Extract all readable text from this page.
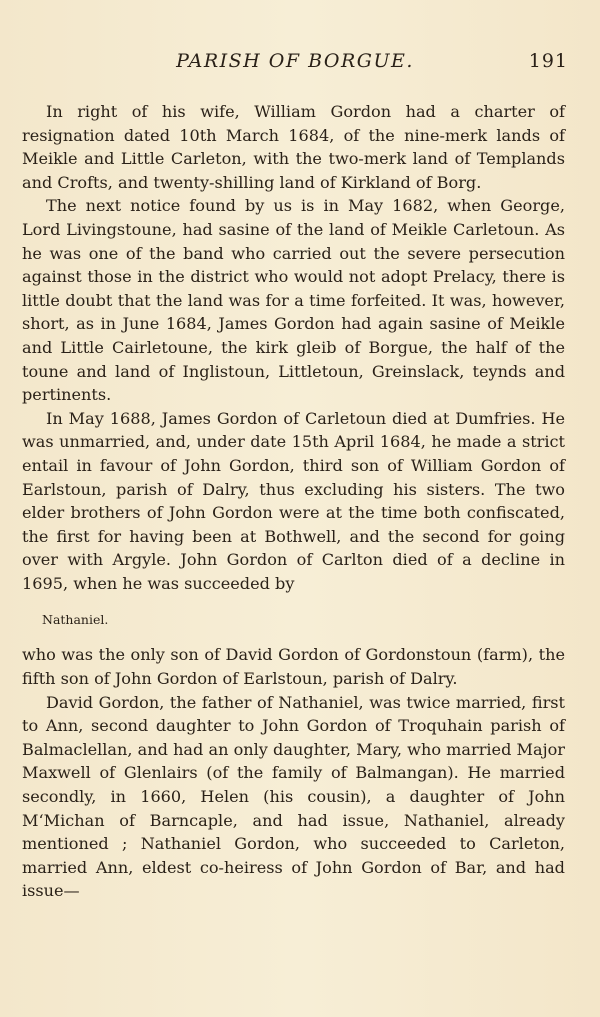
PARISH OF BORGUE.	191

In right of his wife, William Gordon had a charter of resignation dated 10th March 1684, of the nine-merk lands of Meikle and Little Carleton, with the two-merk land of Templands and Crofts, and twenty-shilling land of Kirkland of Borg.

The next notice found by us is in May 1682, when George, Lord Livingstoune, had sasine of the land of Meikle Carletoun. As he was one of the band who carried out the severe persecution against those in the district who would not adopt Prelacy, there is little doubt that the land was for a time forfeited. It was, however, short, as in June 1684, James Gordon had again sasine of Meikle and Little Cairletoune, the kirk gleib of Borgue, the half of the toune and land of Inglistoun, Littletoun, Greinslack, teynds and pertinents.

In May 1688, James Gordon of Carletoun died at Dumfries. He was unmarried, and, under date 15th April 1684, he made a strict entail in favour of John Gordon, third son of William Gordon of Earlstoun, parish of Dalry, thus excluding his sisters. The two elder brothers of John Gordon were at the time both confiscated, the first for having been at Bothwell, and the second for going over with Argyle. John Gordon of Carlton died of a decline in 1695, when he was succeeded by

Nathaniel.

who was the only son of David Gordon of Gordonstoun (farm), the fifth son of John Gordon of Earlstoun, parish of Dalry.

David Gordon, the father of Nathaniel, was twice married, first to Ann, second daughter to John Gordon of Troquhain parish of Balmaclellan, and had an only daughter, Mary, who married Major Maxwell of Glenlairs (of the family of Balmangan). He married secondly, in 1660, Helen (his cousin), a daughter of John M‘Michan of Barncaple, and had issue, Nathaniel, already mentioned ; Nathaniel Gordon, who succeeded to Carleton, married Ann, eldest co-heiress of John Gordon of Bar, and had issue—
